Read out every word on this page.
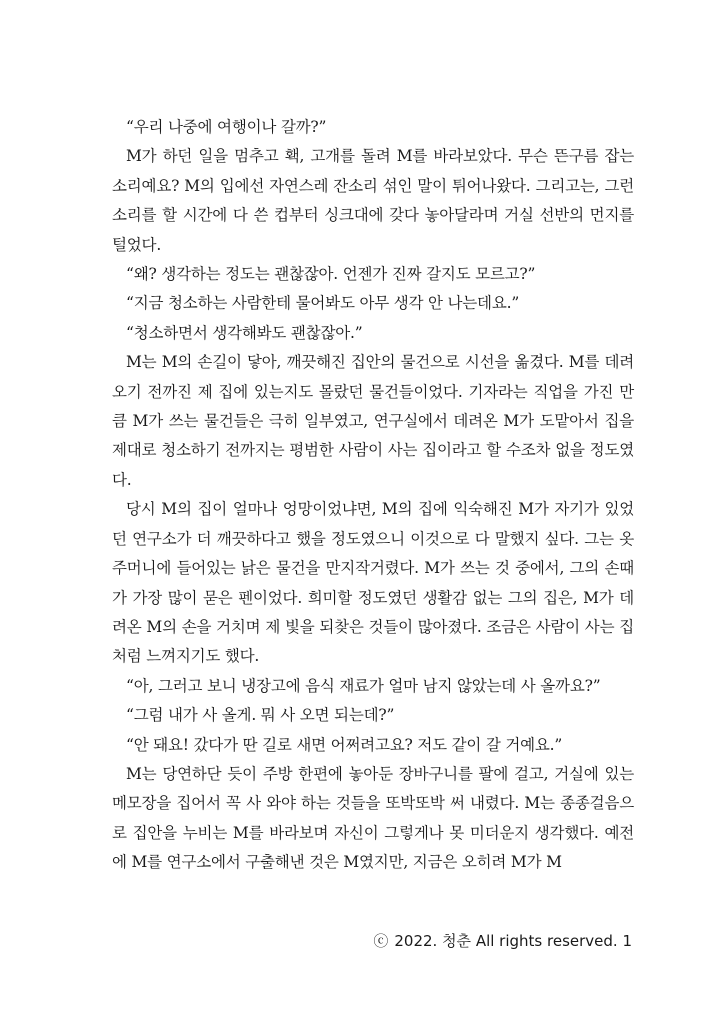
“우리 나중에 여행이나 갈까?”

M가 하던 일을 멈추고 홱, 고개를 돌려 M를 바라보았다. 무슨 뜬구름 잡는 소리예요? M의 입에선 자연스레 잔소리 섞인 말이 튀어나왔다. 그리고는, 그런 소리를 할 시간에 다 쓴 컵부터 싱크대에 갖다 놓아달라며 거실 선반의 먼지를 털었다.

“왜? 생각하는 정도는 괜찮잖아. 언젠가 진짜 갈지도 모르고?”

“지금 청소하는 사람한테 물어봐도 아무 생각 안 나는데요.”

“청소하면서 생각해봐도 괜찮잖아.”

M는 M의 손길이 닿아, 깨끗해진 집안의 물건으로 시선을 옮겼다. M를 데려오기 전까진 제 집에 있는지도 몰랐던 물건들이었다. 기자라는 직업을 가진 만큼 M가 쓰는 물건들은 극히 일부였고, 연구실에서 데려온 M가 도맡아서 집을 제대로 청소하기 전까지는 평범한 사람이 사는 집이라고 할 수조차 없을 정도였다.

당시 M의 집이 얼마나 엉망이었냐면, M의 집에 익숙해진 M가 자기가 있었던 연구소가 더 깨끗하다고 했을 정도였으니 이것으로 다 말했지 싶다. 그는 옷 주머니에 들어있는 낡은 물건을 만지작거렸다. M가 쓰는 것 중에서, 그의 손때가 가장 많이 묻은 펜이었다. 희미할 정도였던 생활감 없는 그의 집은, M가 데려온 M의 손을 거치며 제 빛을 되찾은 것들이 많아졌다. 조금은 사람이 사는 집처럼 느껴지기도 했다.

“아, 그러고 보니 냉장고에 음식 재료가 얼마 남지 않았는데 사 올까요?”

“그럼 내가 사 올게. 뭐 사 오면 되는데?”

“안 돼요! 갔다가 딴 길로 새면 어쩌려고요? 저도 같이 갈 거예요.”

M는 당연하단 듯이 주방 한편에 놓아둔 장바구니를 팔에 걸고, 거실에 있는 메모장을 집어서 꼭 사 와야 하는 것들을 또박또박 써 내렸다. M는 종종걸음으로 집안을 누비는 M를 바라보며 자신이 그렇게나 못 미더운지 생각했다. 예전에 M를 연구소에서 구출해낸 것은 M였지만, 지금은 오히려 M가 M

ⓒ 2022. 청춘 All rights reserved. 1
